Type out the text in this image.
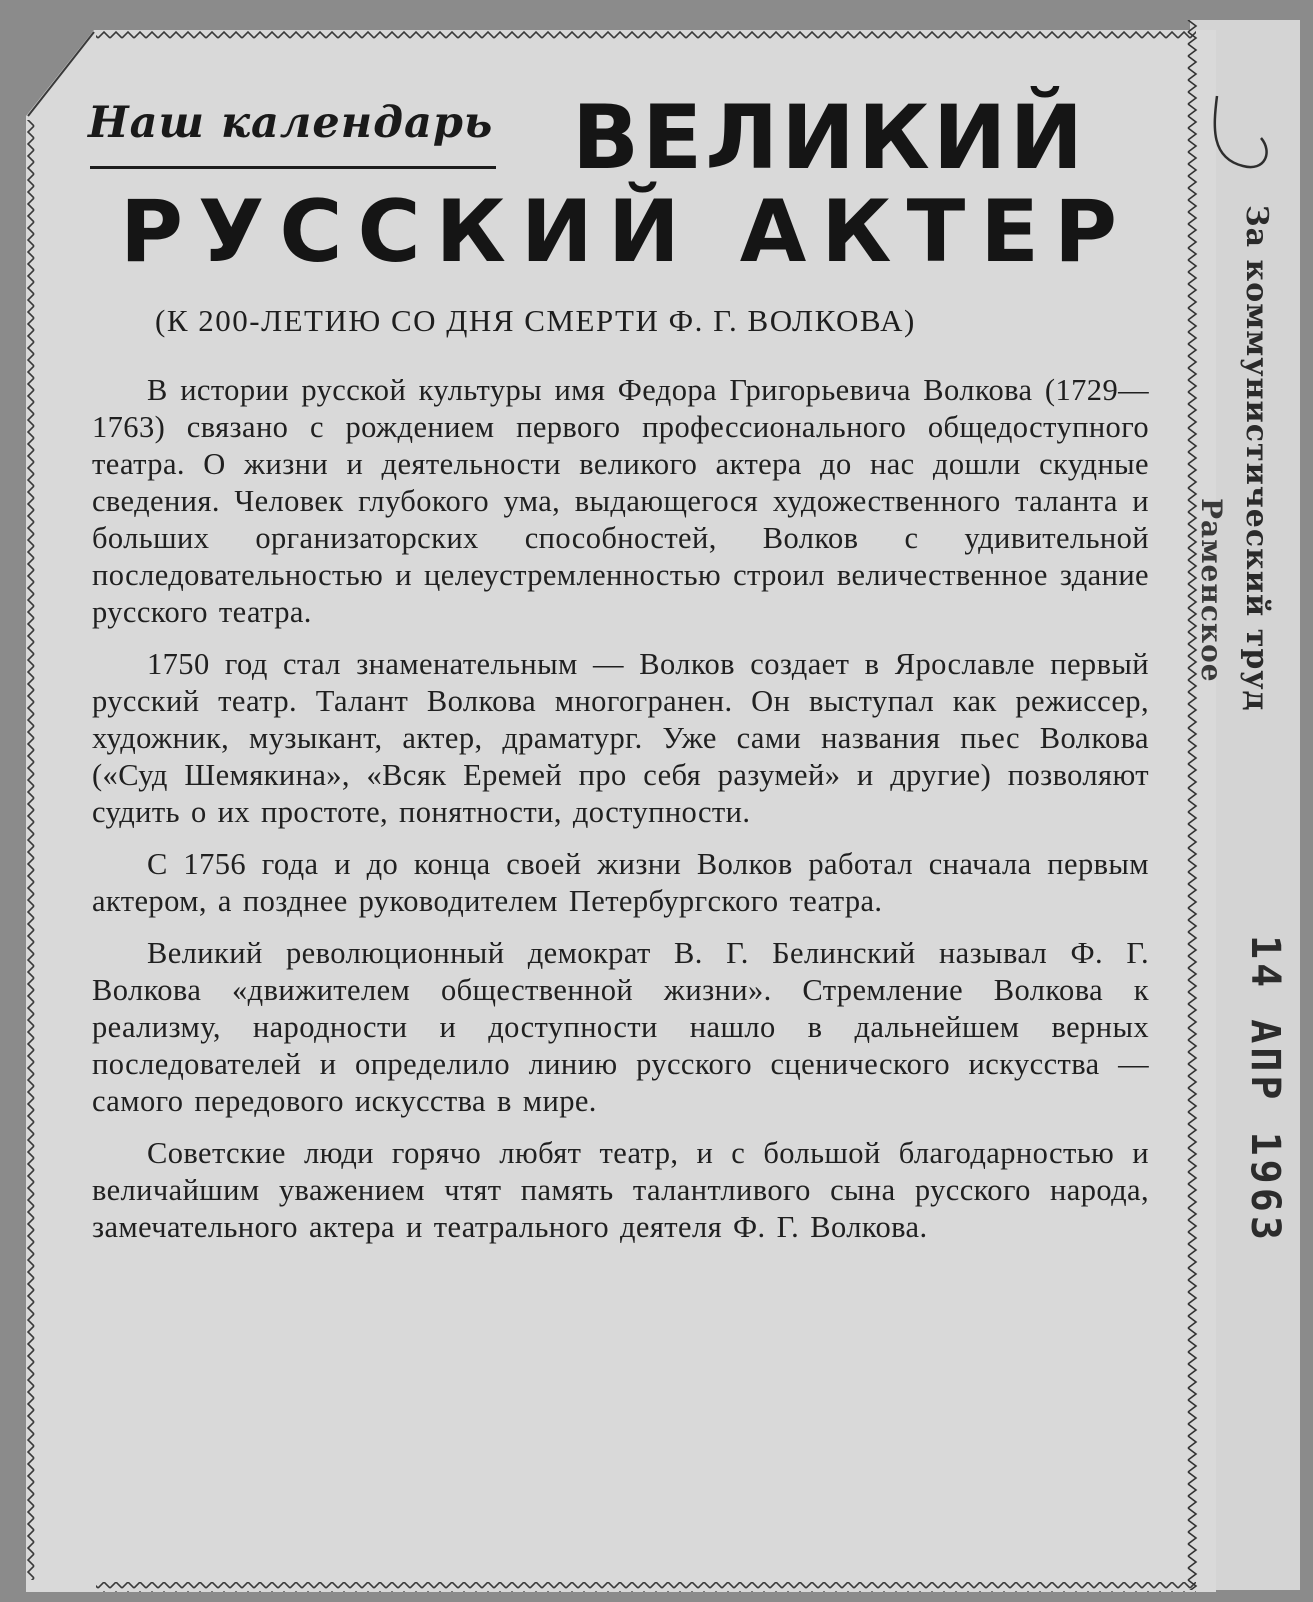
Наш календарь ВЕЛИКИЙ
РУССКИЙ АКТЕР
(К 200-ЛЕТИЮ СО ДНЯ СМЕРТИ Ф. Г. ВОЛКОВА)

В истории русской культуры имя Федора Григорьевича Волкова (1729—1763) связано с рождением первого профессионального общедоступного театра. О жизни и деятельности великого актера до нас дошли скудные сведения. Человек глубокого ума, выдающегося художественного таланта и больших организаторских способностей, Волков с удивительной последовательностью и целеустремленностью строил величественное здание русского театра.

1750 год стал знаменательным — Волков создает в Ярославле первый русский театр. Талант Волкова многогранен. Он выступал как режиссер, художник, музыкант, актер, драматург. Уже сами названия пьес Волкова («Суд Шемякина», «Всяк Еремей про себя разумей» и другие) позволяют судить о их простоте, понятности, доступности.

С 1756 года и до конца своей жизни Волков работал сначала первым актером, а позднее руководителем Петербургского театра.

Великий революционный демократ В. Г. Белинский называл Ф. Г. Волкова «движителем общественной жизни». Стремление Волкова к реализму, народности и доступности нашло в дальнейшем верных последователей и определило линию русского сценического искусства — самого передового искусства в мире.

Советские люди горячо любят театр, и с большой благодарностью и величайшим уважением чтят память талантливого сына русского народа, замечательного актера и театрального деятеля Ф. Г. Волкова.

За коммунистический труд
Раменское
14 АПР 1963
